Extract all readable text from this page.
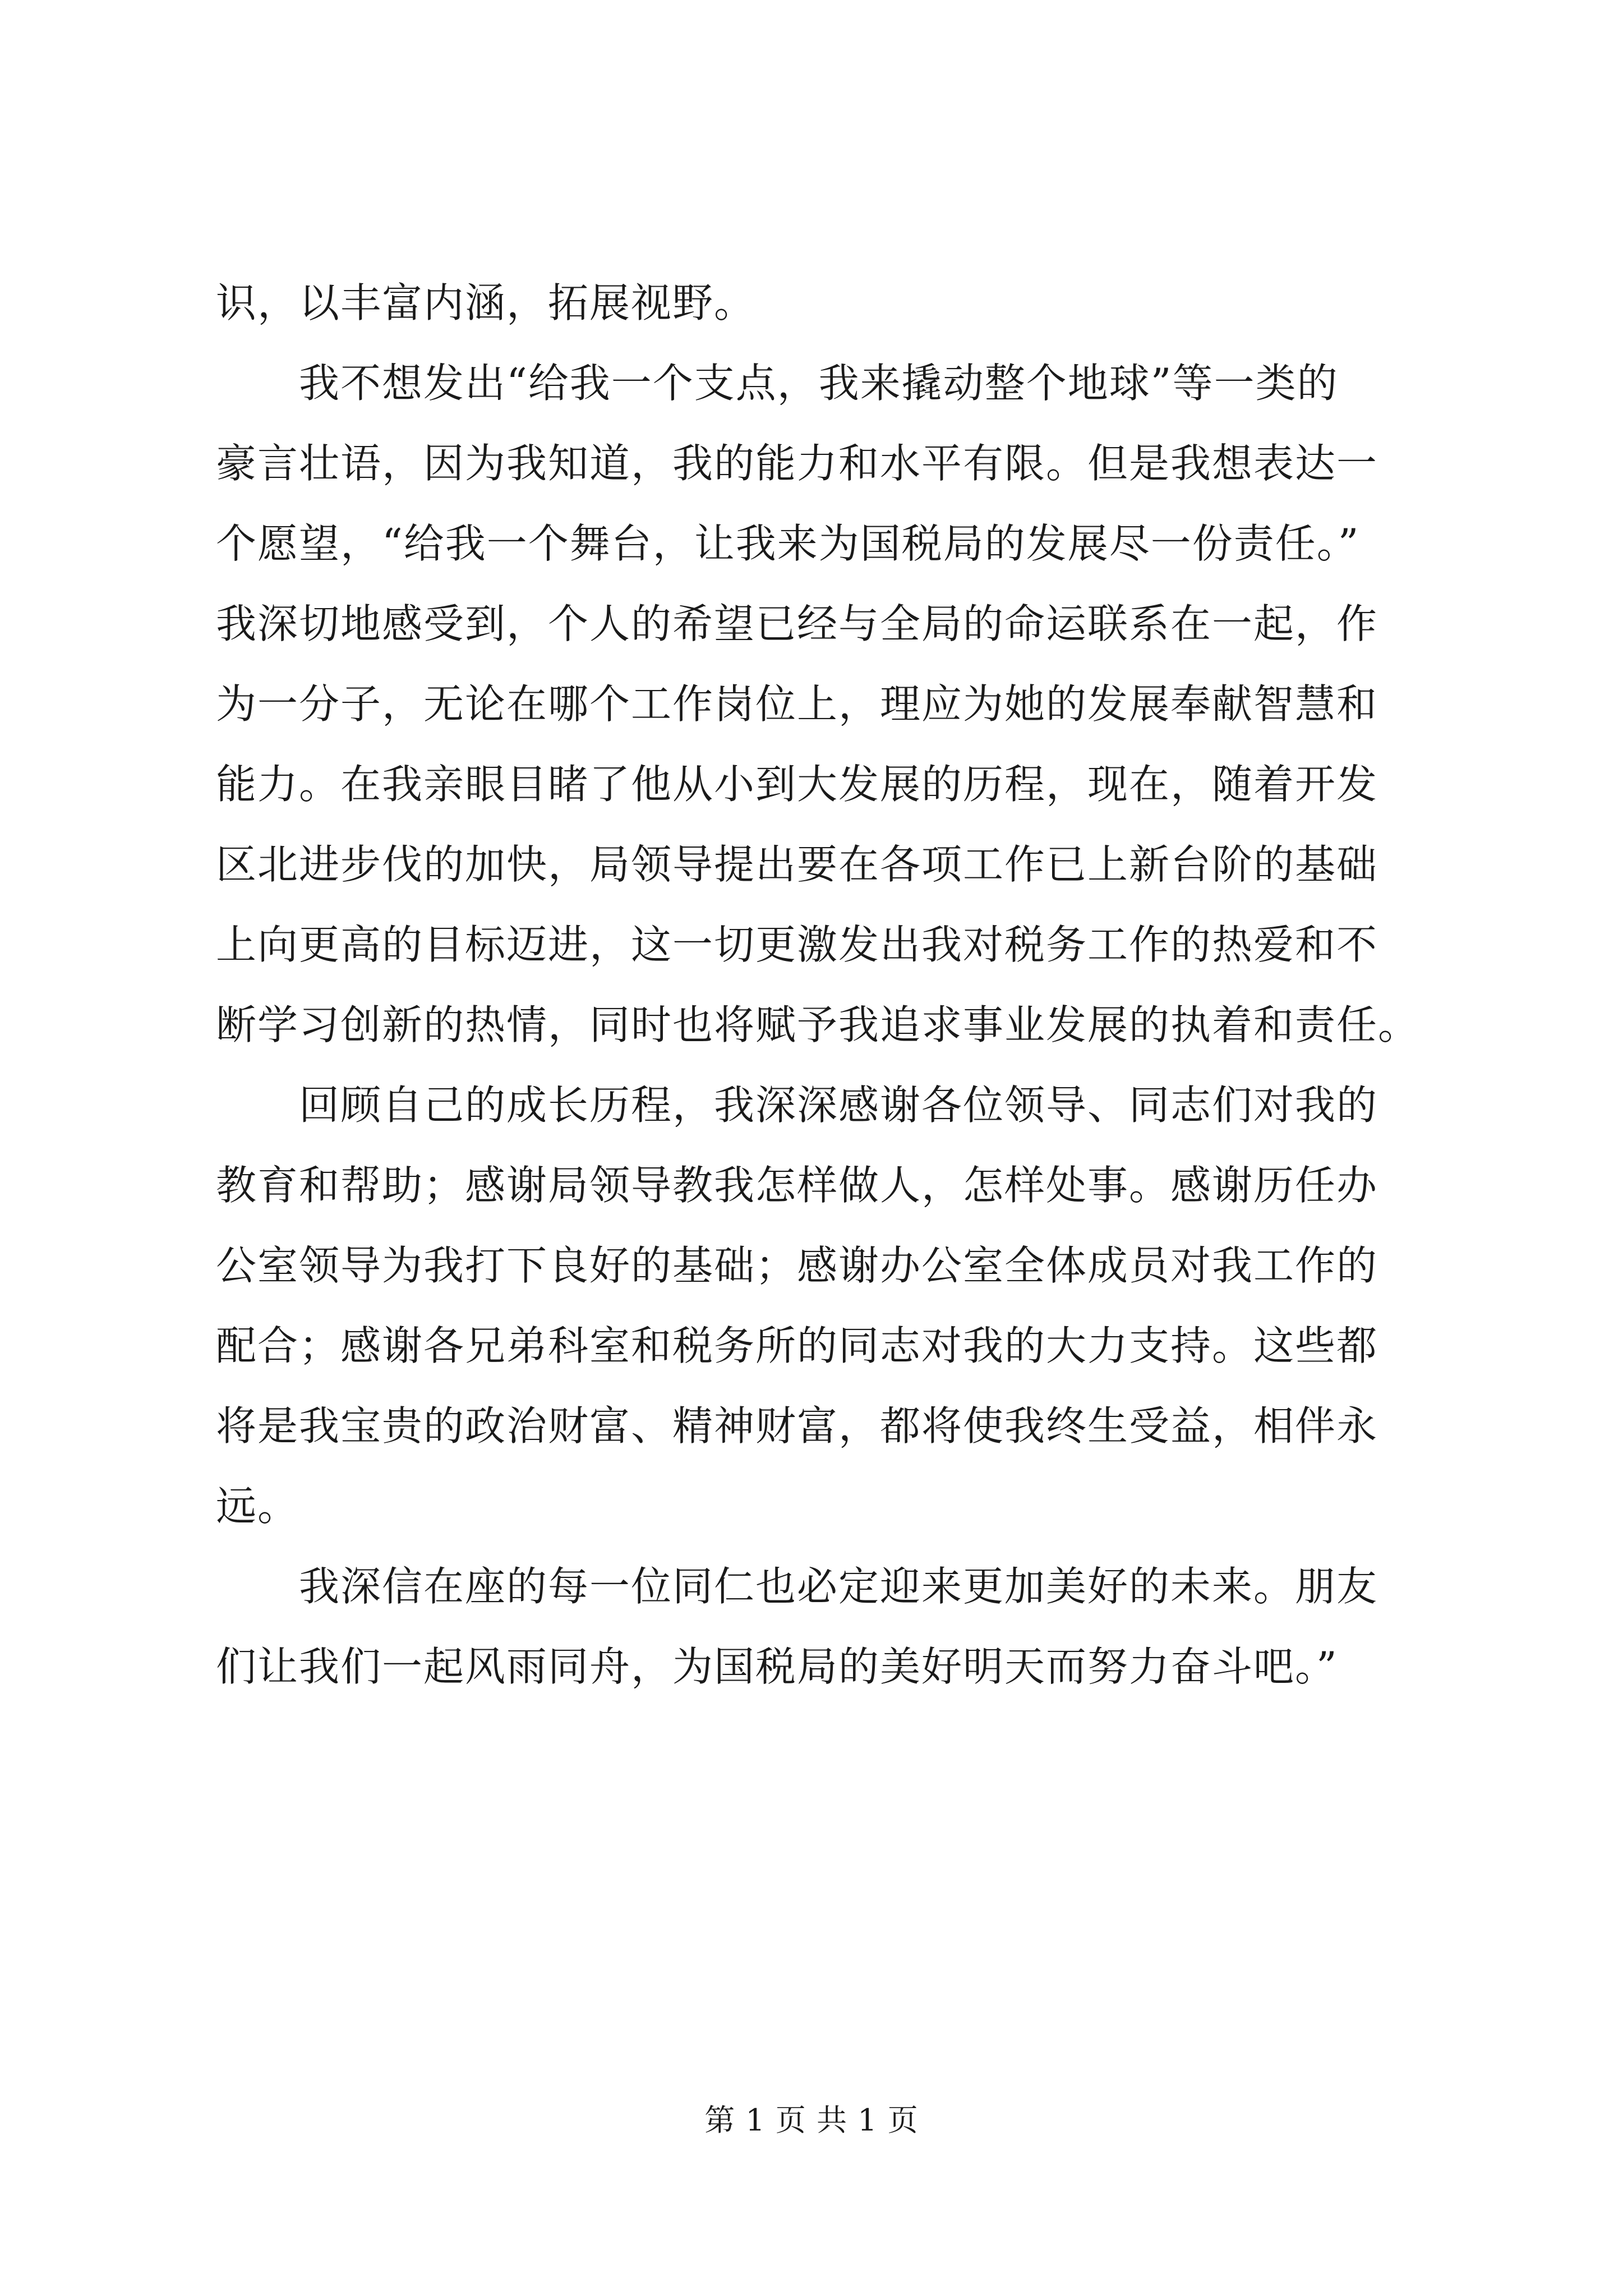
识，以丰富内涵，拓展视野。
　　我不想发出“给我一个支点，我来撬动整个地球”等一类的
豪言壮语，因为我知道，我的能力和水平有限。但是我想表达一
个愿望，“给我一个舞台，让我来为国税局的发展尽一份责任。”
我深切地感受到，个人的希望已经与全局的命运联系在一起，作
为一分子，无论在哪个工作岗位上，理应为她的发展奉献智慧和
能力。在我亲眼目睹了他从小到大发展的历程，现在，随着开发
区北进步伐的加快，局领导提出要在各项工作已上新台阶的基础
上向更高的目标迈进，这一切更激发出我对税务工作的热爱和不
断学习创新的热情，同时也将赋予我追求事业发展的执着和责任。
　　回顾自己的成长历程，我深深感谢各位领导、同志们对我的
教育和帮助；感谢局领导教我怎样做人，怎样处事。感谢历任办
公室领导为我打下良好的基础；感谢办公室全体成员对我工作的
配合；感谢各兄弟科室和税务所的同志对我的大力支持。这些都
将是我宝贵的政治财富、精神财富，都将使我终生受益，相伴永
远。
　　我深信在座的每一位同仁也必定迎来更加美好的未来。朋友
们让我们一起风雨同舟，为国税局的美好明天而努力奋斗吧。”
第 1 页 共 1 页
